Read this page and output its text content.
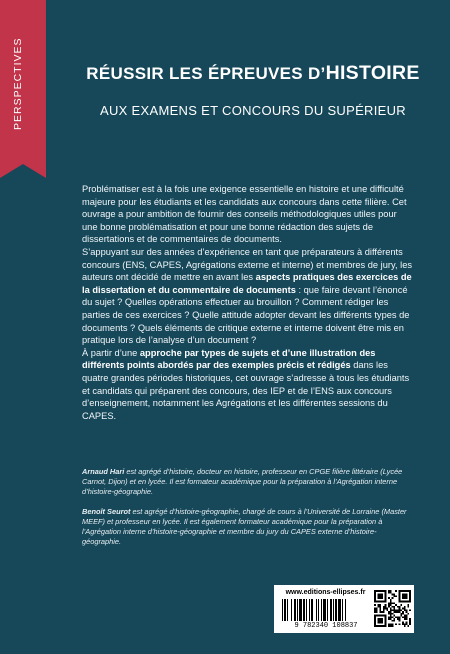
PERSPECTIVES	RÉUSSIR LES ÉPREUVES D’HISTOIRE
AUX EXAMENS ET CONCOURS DU SUPÉRIEUR

Problématiser est à la fois une exigence essentielle en histoire et une difficulté majeure pour les étudiants et les candidats aux concours dans cette filière. Cet ouvrage a pour ambition de fournir des conseils méthodologiques utiles pour une bonne problématisation et pour une bonne rédaction des sujets de dissertations et de commentaires de documents.

S’appuyant sur des années d’expérience en tant que préparateurs à différents concours (ENS, CAPES, Agrégations externe et interne) et membres de jury, les auteurs ont décidé de mettre en avant les aspects pratiques des exercices de la dissertation et du commentaire de documents : que faire devant l’énoncé du sujet ? Quelles opérations effectuer au brouillon ? Comment rédiger les parties de ces exercices ? Quelle attitude adopter devant les différents types de documents ? Quels éléments de critique externe et interne doivent être mis en pratique lors de l’analyse d’un document ?

À partir d’une approche par types de sujets et d’une illustration des différents points abordés par des exemples précis et rédigés dans les quatre grandes périodes historiques, cet ouvrage s’adresse à tous les étudiants et candidats qui préparent des concours, des IEP et de l’ENS aux concours d’enseignement, notamment les Agrégations et les différentes sessions du CAPES.

Arnaud Hari est agrégé d’histoire, docteur en histoire, professeur en CPGE filière littéraire (Lycée Carnot, Dijon) et en lycée. Il est formateur académique pour la préparation à l’Agrégation interne d’histoire-géographie.

Benoît Seurot est agrégé d’histoire-géographie, chargé de cours à l’Université de Lorraine (Master MEEF) et professeur en lycée. Il est également formateur académique pour la préparation à l’Agrégation interne d’histoire-géographie et membre du jury du CAPES externe d’histoire-géographie.

www.editions-ellipses.fr
9 782340 108837
